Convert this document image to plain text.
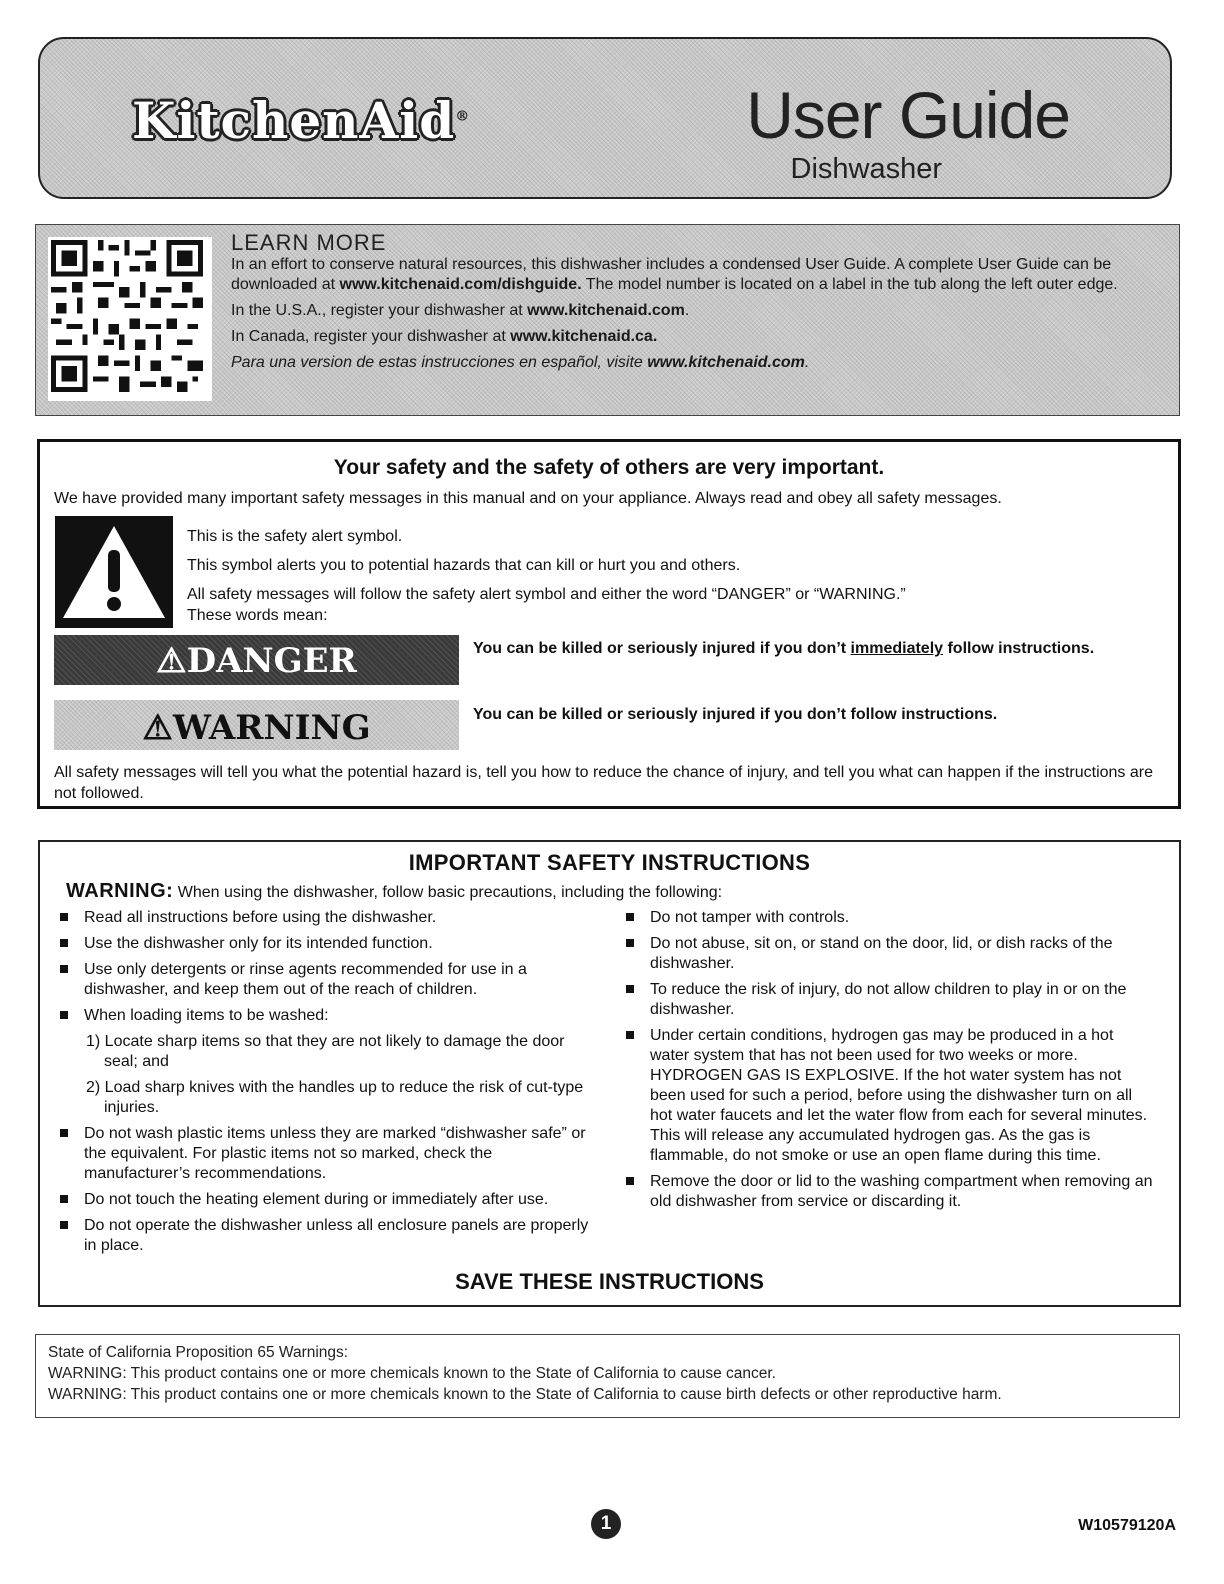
KitchenAid®	User Guide
Dishwasher
LEARN MORE

In an effort to conserve natural resources, this dishwasher includes a condensed User Guide. A complete User Guide can be downloaded at www.kitchenaid.com/dishguide. The model number is located on a label in the tub along the left outer edge.

In the U.S.A., register your dishwasher at www.kitchenaid.com.

In Canada, register your dishwasher at www.kitchenaid.ca.

Para una version de estas instrucciones en español, visite www.kitchenaid.com.

Your safety and the safety of others are very important.
We have provided many important safety messages in this manual and on your appliance. Always read and obey all safety messages.
This is the safety alert symbol.
This symbol alerts you to potential hazards that can kill or hurt you and others.
All safety messages will follow the safety alert symbol and either the word “DANGER” or “WARNING.”
These words mean:
⚠DANGER	You can be killed or seriously injured if you don’t immediately follow instructions.
⚠WARNING	You can be killed or seriously injured if you don’t follow instructions.
All safety messages will tell you what the potential hazard is, tell you how to reduce the chance of injury, and tell you what can happen if the instructions are not followed.
IMPORTANT SAFETY INSTRUCTIONS
WARNING: When using the dishwasher, follow basic precautions, including the following:
Read all instructions before using the dishwasher.
Use the dishwasher only for its intended function.
Use only detergents or rinse agents recommended for use in a dishwasher, and keep them out of the reach of children.
When loading items to be washed:
1) Locate sharp items so that they are not likely to damage the door seal; and
2) Load sharp knives with the handles up to reduce the risk of cut-type injuries.
Do not wash plastic items unless they are marked “dishwasher safe” or the equivalent. For plastic items not so marked, check the manufacturer’s recommendations.
Do not touch the heating element during or immediately after use.
Do not operate the dishwasher unless all enclosure panels are properly in place.
Do not tamper with controls.
Do not abuse, sit on, or stand on the door, lid, or dish racks of the dishwasher.
To reduce the risk of injury, do not allow children to play in or on the dishwasher.
Under certain conditions, hydrogen gas may be produced in a hot water system that has not been used for two weeks or more. HYDROGEN GAS IS EXPLOSIVE. If the hot water system has not been used for such a period, before using the dishwasher turn on all hot water faucets and let the water flow from each for several minutes. This will release any accumulated hydrogen gas. As the gas is flammable, do not smoke or use an open flame during this time.
Remove the door or lid to the washing compartment when removing an old dishwasher from service or discarding it.
SAVE THESE INSTRUCTIONS
State of California Proposition 65 Warnings:
WARNING: This product contains one or more chemicals known to the State of California to cause cancer.
WARNING: This product contains one or more chemicals known to the State of California to cause birth defects or other reproductive harm.
1	W10579120A
